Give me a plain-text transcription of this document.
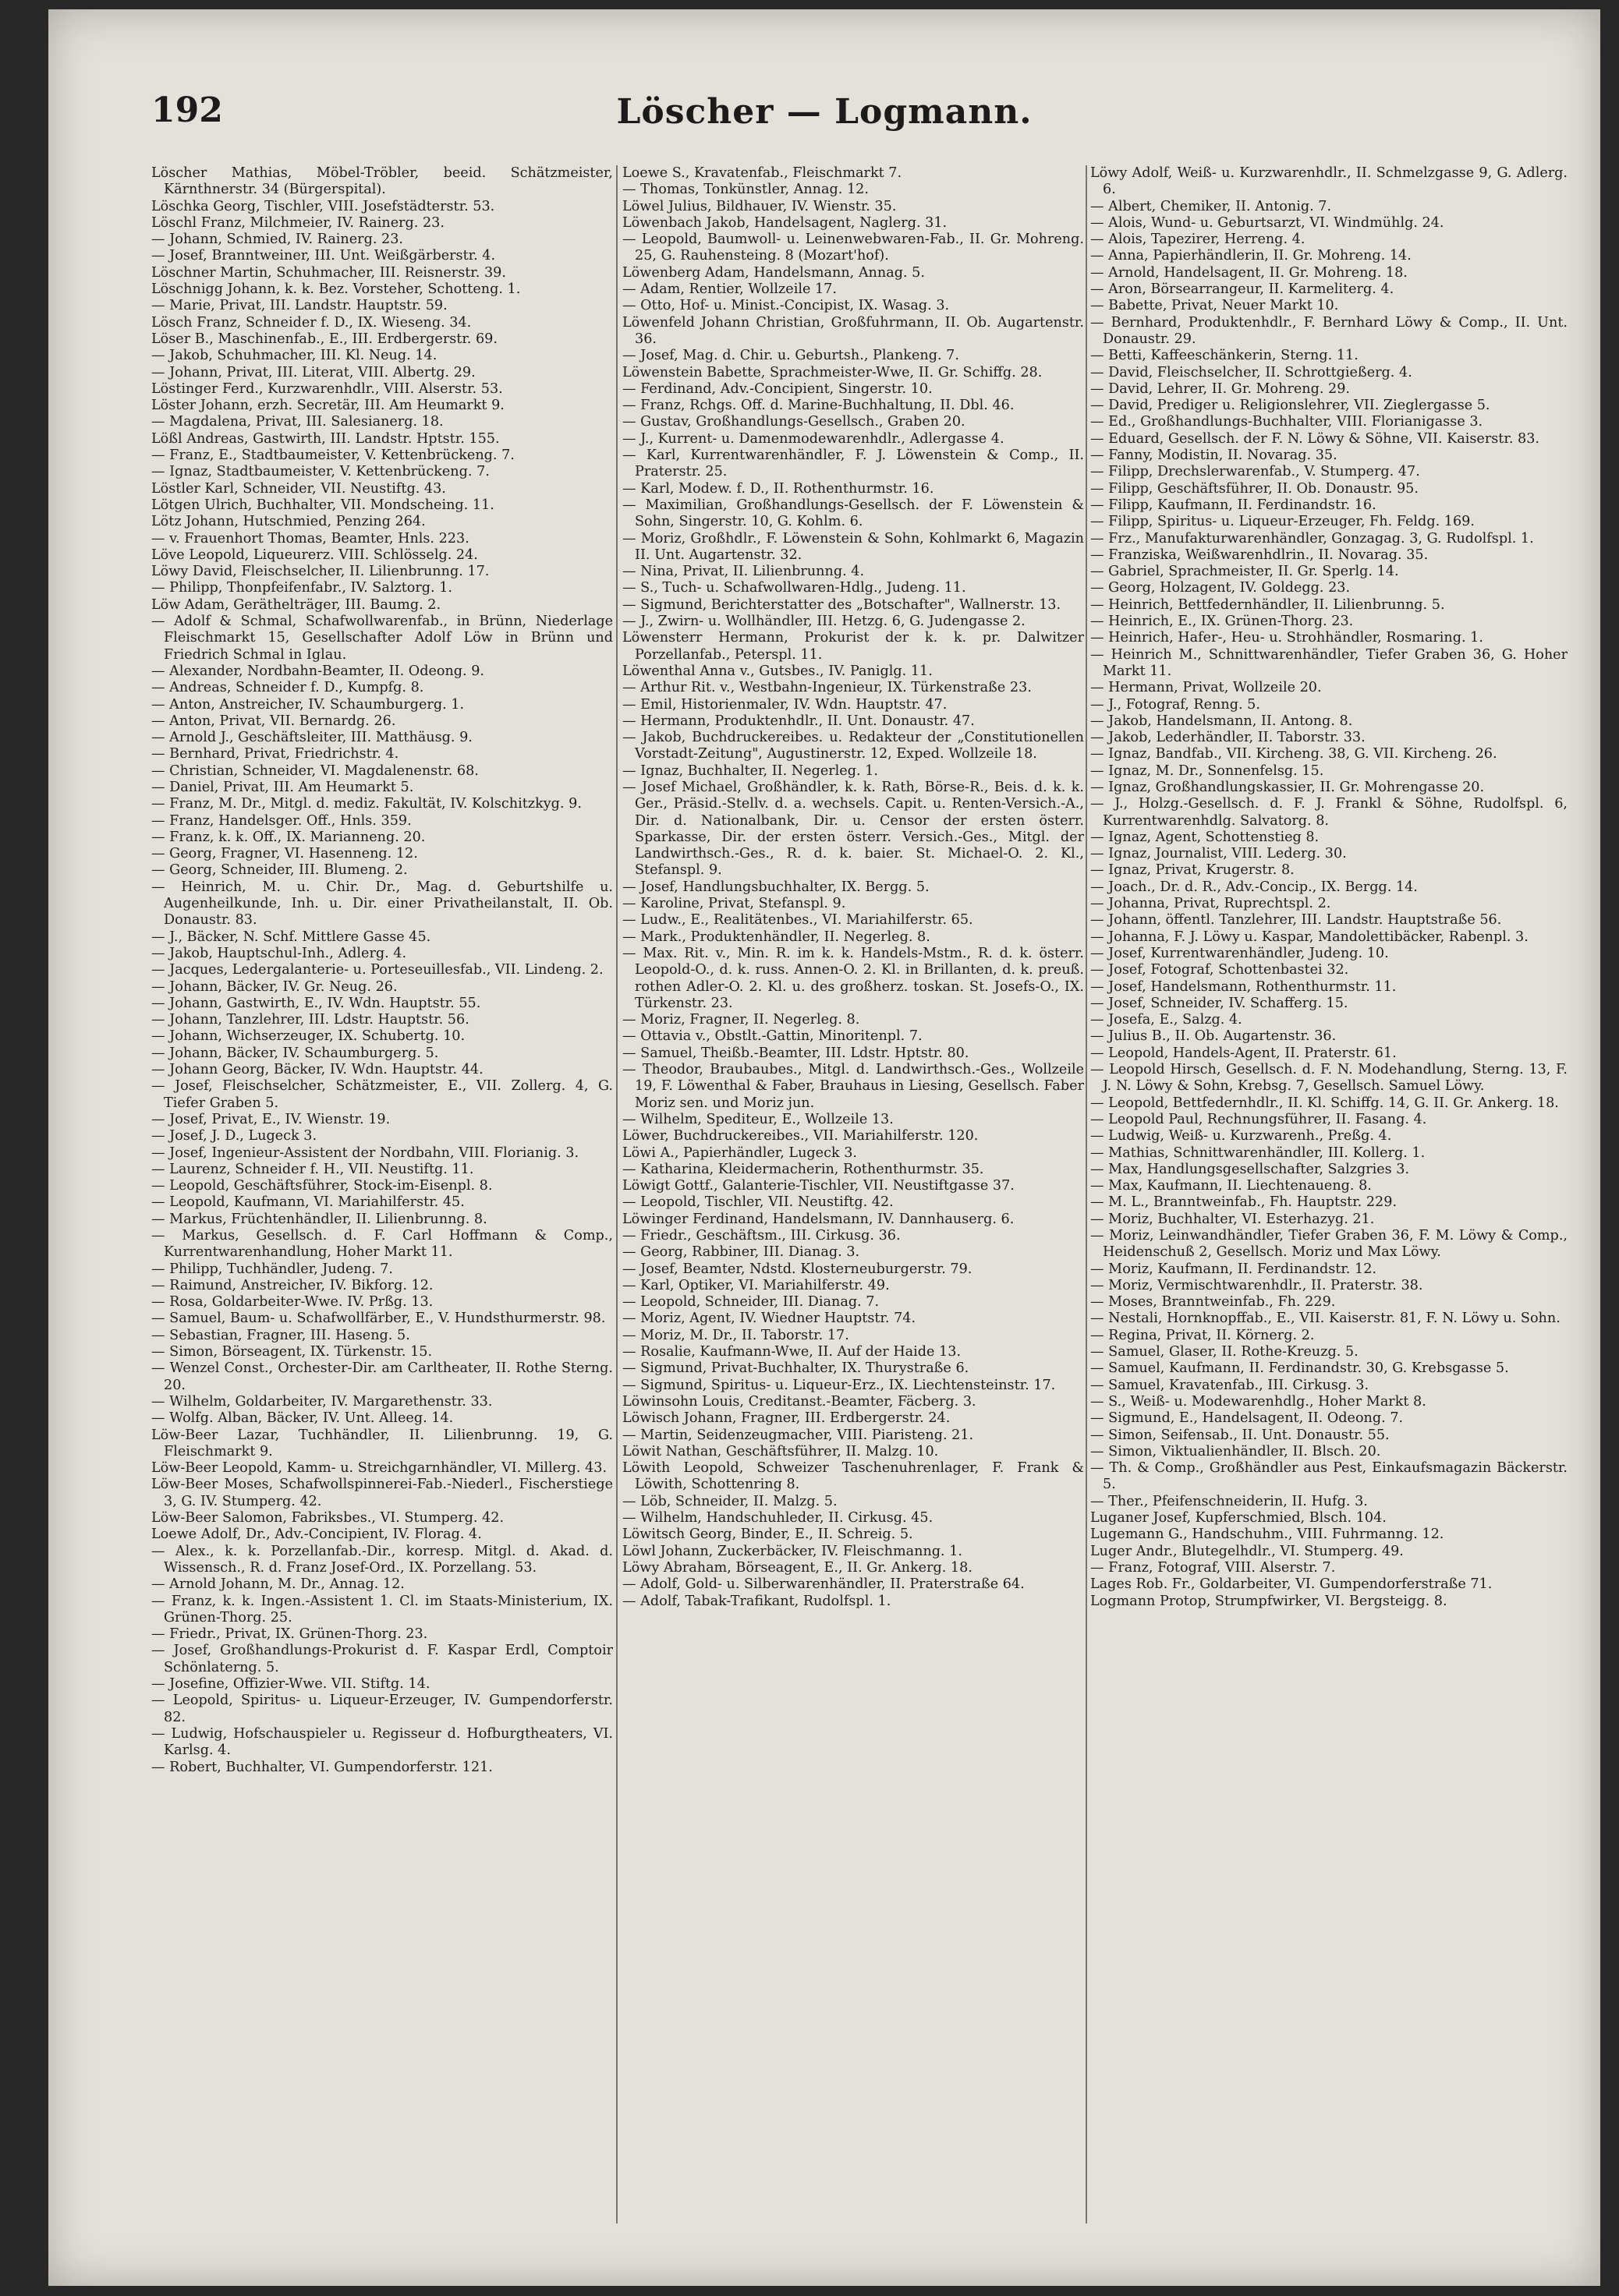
192	Löscher — Logmann.

Löscher Mathias, Möbel-Tröbler, beeid. Schätzmeister, Kärnthnerstr. 34 (Bürgerspital).

Löschka Georg, Tischler, VIII. Josefstädterstr. 53.

Löschl Franz, Milchmeier, IV. Rainerg. 23.

— Johann, Schmied, IV. Rainerg. 23.

— Josef, Branntweiner, III. Unt. Weißgärberstr. 4.

Löschner Martin, Schuhmacher, III. Reisnerstr. 39.

Löschnigg Johann, k. k. Bez. Vorsteher, Schotteng. 1.

— Marie, Privat, III. Landstr. Hauptstr. 59.

Lösch Franz, Schneider f. D., IX. Wieseng. 34.

Löser B., Maschinenfab., E., III. Erdbergerstr. 69.

— Jakob, Schuhmacher, III. Kl. Neug. 14.

— Johann, Privat, III. Literat, VIII. Albertg. 29.

Löstinger Ferd., Kurzwarenhdlr., VIII. Alserstr. 53.

Löster Johann, erzh. Secretär, III. Am Heumarkt 9.

— Magdalena, Privat, III. Salesianerg. 18.

Lößl Andreas, Gastwirth, III. Landstr. Hptstr. 155.

— Franz, E., Stadtbaumeister, V. Kettenbrückeng. 7.

— Ignaz, Stadtbaumeister, V. Kettenbrückeng. 7.

Löstler Karl, Schneider, VII. Neustiftg. 43.

Lötgen Ulrich, Buchhalter, VII. Mondscheing. 11.

Lötz Johann, Hutschmied, Penzing 264.

— v. Frauenhort Thomas, Beamter, Hnls. 223.

Löve Leopold, Liqueurerz. VIII. Schlösselg. 24.

Löwy David, Fleischselcher, II. Lilienbrunng. 17.

— Philipp, Thonpfeifenfabr., IV. Salztorg. 1.

Löw Adam, Geräthelträger, III. Baumg. 2.

— Adolf & Schmal, Schafwollwarenfab., in Brünn, Niederlage Fleischmarkt 15, Gesellschafter Adolf Löw in Brünn und Friedrich Schmal in Iglau.

— Alexander, Nordbahn-Beamter, II. Odeong. 9.

— Andreas, Schneider f. D., Kumpfg. 8.

— Anton, Anstreicher, IV. Schaumburgerg. 1.

— Anton, Privat, VII. Bernardg. 26.

— Arnold J., Geschäftsleiter, III. Matthäusg. 9.

— Bernhard, Privat, Friedrichstr. 4.

— Christian, Schneider, VI. Magdalenenstr. 68.

— Daniel, Privat, III. Am Heumarkt 5.

— Franz, M. Dr., Mitgl. d. mediz. Fakultät, IV. Kolschitzkyg. 9.

— Franz, Handelsger. Off., Hnls. 359.

— Franz, k. k. Off., IX. Marianneng. 20.

— Georg, Fragner, VI. Hasenneng. 12.

— Georg, Schneider, III. Blumeng. 2.

— Heinrich, M. u. Chir. Dr., Mag. d. Geburtshilfe u. Augenheilkunde, Inh. u. Dir. einer Privatheilanstalt, II. Ob. Donaustr. 83.

— J., Bäcker, N. Schf. Mittlere Gasse 45.

— Jakob, Hauptschul-Inh., Adlerg. 4.

— Jacques, Ledergalanterie- u. Porteseuillesfab., VII. Lindeng. 2.

— Johann, Bäcker, IV. Gr. Neug. 26.

— Johann, Gastwirth, E., IV. Wdn. Hauptstr. 55.

— Johann, Tanzlehrer, III. Ldstr. Hauptstr. 56.

— Johann, Wichserzeuger, IX. Schubertg. 10.

— Johann, Bäcker, IV. Schaumburgerg. 5.

— Johann Georg, Bäcker, IV. Wdn. Hauptstr. 44.

— Josef, Fleischselcher, Schätzmeister, E., VII. Zollerg. 4, G. Tiefer Graben 5.

— Josef, Privat, E., IV. Wienstr. 19.

— Josef, J. D., Lugeck 3.

— Josef, Ingenieur-Assistent der Nordbahn, VIII. Florianig. 3.

— Laurenz, Schneider f. H., VII. Neustiftg. 11.

— Leopold, Geschäftsführer, Stock-im-Eisenpl. 8.

— Leopold, Kaufmann, VI. Mariahilferstr. 45.

— Markus, Früchtenhändler, II. Lilienbrunng. 8.

— Markus, Gesellsch. d. F. Carl Hoffmann & Comp., Kurrentwarenhandlung, Hoher Markt 11.

— Philipp, Tuchhändler, Judeng. 7.

— Raimund, Anstreicher, IV. Bikforg. 12.

— Rosa, Goldarbeiter-Wwe. IV. Prßg. 13.

— Samuel, Baum- u. Schafwollfärber, E., V. Hundsthurmerstr. 98.

— Sebastian, Fragner, III. Haseng. 5.

— Simon, Börseagent, IX. Türkenstr. 15.

— Wenzel Const., Orchester-Dir. am Carltheater, II. Rothe Sterng. 20.

— Wilhelm, Goldarbeiter, IV. Margarethenstr. 33.

— Wolfg. Alban, Bäcker, IV. Unt. Alleeg. 14.

Löw-Beer Lazar, Tuchhändler, II. Lilienbrunng. 19, G. Fleischmarkt 9.

Löw-Beer Leopold, Kamm- u. Streichgarnhändler, VI. Millerg. 43.

Löw-Beer Moses, Schafwollspinnerei-Fab.-Niederl., Fischerstiege 3, G. IV. Stumperg. 42.

Löw-Beer Salomon, Fabriksbes., VI. Stumperg. 42.

Loewe Adolf, Dr., Adv.-Concipient, IV. Florag. 4.

— Alex., k. k. Porzellanfab.-Dir., korresp. Mitgl. d. Akad. d. Wissensch., R. d. Franz Josef-Ord., IX. Porzellang. 53.

— Arnold Johann, M. Dr., Annag. 12.

— Franz, k. k. Ingen.-Assistent 1. Cl. im Staats-Ministerium, IX. Grünen-Thorg. 25.

— Friedr., Privat, IX. Grünen-Thorg. 23.

— Josef, Großhandlungs-Prokurist d. F. Kaspar Erdl, Comptoir Schönlaterng. 5.

— Josefine, Offizier-Wwe. VII. Stiftg. 14.

— Leopold, Spiritus- u. Liqueur-Erzeuger, IV. Gumpendorferstr. 82.

— Ludwig, Hofschauspieler u. Regisseur d. Hofburgtheaters, VI. Karlsg. 4.

— Robert, Buchhalter, VI. Gumpendorferstr. 121.

Loewe S., Kravatenfab., Fleischmarkt 7.

— Thomas, Tonkünstler, Annag. 12.

Löwel Julius, Bildhauer, IV. Wienstr. 35.

Löwenbach Jakob, Handelsagent, Naglerg. 31.

— Leopold, Baumwoll- u. Leinenwebwaren-Fab., II. Gr. Mohreng. 25, G. Rauhensteing. 8 (Mozart'hof).

Löwenberg Adam, Handelsmann, Annag. 5.

— Adam, Rentier, Wollzeile 17.

— Otto, Hof- u. Minist.-Concipist, IX. Wasag. 3.

Löwenfeld Johann Christian, Großfuhrmann, II. Ob. Augartenstr. 36.

— Josef, Mag. d. Chir. u. Geburtsh., Plankeng. 7.

Löwenstein Babette, Sprachmeister-Wwe, II. Gr. Schiffg. 28.

— Ferdinand, Adv.-Concipient, Singerstr. 10.

— Franz, Rchgs. Off. d. Marine-Buchhaltung, II. Dbl. 46.

— Gustav, Großhandlungs-Gesellsch., Graben 20.

— J., Kurrent- u. Damenmodewarenhdlr., Adlergasse 4.

— Karl, Kurrentwarenhändler, F. J. Löwenstein & Comp., II. Praterstr. 25.

— Karl, Modew. f. D., II. Rothenthurmstr. 16.

— Maximilian, Großhandlungs-Gesellsch. der F. Löwenstein & Sohn, Singerstr. 10, G. Kohlm. 6.

— Moriz, Großhdlr., F. Löwenstein & Sohn, Kohlmarkt 6, Magazin II. Unt. Augartenstr. 32.

— Nina, Privat, II. Lilienbrunng. 4.

— S., Tuch- u. Schafwollwaren-Hdlg., Judeng. 11.

— Sigmund, Berichterstatter des „Botschafter", Wallnerstr. 13.

— J., Zwirn- u. Wollhändler, III. Hetzg. 6, G. Judengasse 2.

Löwensterr Hermann, Prokurist der k. k. pr. Dalwitzer Porzellanfab., Peterspl. 11.

Löwenthal Anna v., Gutsbes., IV. Paniglg. 11.

— Arthur Rit. v., Westbahn-Ingenieur, IX. Türkenstraße 23.

— Emil, Historienmaler, IV. Wdn. Hauptstr. 47.

— Hermann, Produktenhdlr., II. Unt. Donaustr. 47.

— Jakob, Buchdruckereibes. u. Redakteur der „Constitutionellen Vorstadt-Zeitung", Augustinerstr. 12, Exped. Wollzeile 18.

— Ignaz, Buchhalter, II. Negerleg. 1.

— Josef Michael, Großhändler, k. k. Rath, Börse-R., Beis. d. k. k. Ger., Präsid.-Stellv. d. a. wechsels. Capit. u. Renten-Versich.-A., Dir. d. Nationalbank, Dir. u. Censor der ersten österr. Sparkasse, Dir. der ersten österr. Versich.-Ges., Mitgl. der Landwirthsch.-Ges., R. d. k. baier. St. Michael-O. 2. Kl., Stefanspl. 9.

— Josef, Handlungsbuchhalter, IX. Bergg. 5.

— Karoline, Privat, Stefanspl. 9.

— Ludw., E., Realitätenbes., VI. Mariahilferstr. 65.

— Mark., Produktenhändler, II. Negerleg. 8.

— Max. Rit. v., Min. R. im k. k. Handels-Mstm., R. d. k. österr. Leopold-O., d. k. russ. Annen-O. 2. Kl. in Brillanten, d. k. preuß. rothen Adler-O. 2. Kl. u. des großherz. toskan. St. Josefs-O., IX. Türkenstr. 23.

— Moriz, Fragner, II. Negerleg. 8.

— Ottavia v., Obstlt.-Gattin, Minoritenpl. 7.

— Samuel, Theißb.-Beamter, III. Ldstr. Hptstr. 80.

— Theodor, Braubaubes., Mitgl. d. Landwirthsch.-Ges., Wollzeile 19, F. Löwenthal & Faber, Brauhaus in Liesing, Gesellsch. Faber Moriz sen. und Moriz jun.

— Wilhelm, Spediteur, E., Wollzeile 13.

Löwer, Buchdruckereibes., VII. Mariahilferstr. 120.

Löwi A., Papierhändler, Lugeck 3.

— Katharina, Kleidermacherin, Rothenthurmstr. 35.

Löwigt Gottf., Galanterie-Tischler, VII. Neustiftgasse 37.

— Leopold, Tischler, VII. Neustiftg. 42.

Löwinger Ferdinand, Handelsmann, IV. Dannhauserg. 6.

— Friedr., Geschäftsm., III. Cirkusg. 36.

— Georg, Rabbiner, III. Dianag. 3.

— Josef, Beamter, Ndstd. Klosterneuburgerstr. 79.

— Karl, Optiker, VI. Mariahilferstr. 49.

— Leopold, Schneider, III. Dianag. 7.

— Moriz, Agent, IV. Wiedner Hauptstr. 74.

— Moriz, M. Dr., II. Taborstr. 17.

— Rosalie, Kaufmann-Wwe, II. Auf der Haide 13.

— Sigmund, Privat-Buchhalter, IX. Thurystraße 6.

— Sigmund, Spiritus- u. Liqueur-Erz., IX. Liechtensteinstr. 17.

Löwinsohn Louis, Creditanst.-Beamter, Fäcberg. 3.

Löwisch Johann, Fragner, III. Erdbergerstr. 24.

— Martin, Seidenzeugmacher, VIII. Piaristeng. 21.

Löwit Nathan, Geschäftsführer, II. Malzg. 10.

Löwith Leopold, Schweizer Taschenuhrenlager, F. Frank & Löwith, Schottenring 8.

— Löb, Schneider, II. Malzg. 5.

— Wilhelm, Handschuhleder, II. Cirkusg. 45.

Löwitsch Georg, Binder, E., II. Schreig. 5.

Löwl Johann, Zuckerbäcker, IV. Fleischmanng. 1.

Löwy Abraham, Börseagent, E., II. Gr. Ankerg. 18.

— Adolf, Gold- u. Silberwarenhändler, II. Praterstraße 64.

— Adolf, Tabak-Trafikant, Rudolfspl. 1.

Löwy Adolf, Weiß- u. Kurzwarenhdlr., II. Schmelzgasse 9, G. Adlerg. 6.

— Albert, Chemiker, II. Antonig. 7.

— Alois, Wund- u. Geburtsarzt, VI. Windmühlg. 24.

— Alois, Tapezirer, Herreng. 4.

— Anna, Papierhändlerin, II. Gr. Mohreng. 14.

— Arnold, Handelsagent, II. Gr. Mohreng. 18.

— Aron, Börsearrangeur, II. Karmeliterg. 4.

— Babette, Privat, Neuer Markt 10.

— Bernhard, Produktenhdlr., F. Bernhard Löwy & Comp., II. Unt. Donaustr. 29.

— Betti, Kaffeeschänkerin, Sterng. 11.

— David, Fleischselcher, II. Schrottgießerg. 4.

— David, Lehrer, II. Gr. Mohreng. 29.

— David, Prediger u. Religionslehrer, VII. Zieglergasse 5.

— Ed., Großhandlungs-Buchhalter, VIII. Florianigasse 3.

— Eduard, Gesellsch. der F. N. Löwy & Söhne, VII. Kaiserstr. 83.

— Fanny, Modistin, II. Novarag. 35.

— Filipp, Drechslerwarenfab., V. Stumperg. 47.

— Filipp, Geschäftsführer, II. Ob. Donaustr. 95.

— Filipp, Kaufmann, II. Ferdinandstr. 16.

— Filipp, Spiritus- u. Liqueur-Erzeuger, Fh. Feldg. 169.

— Frz., Manufakturwarenhändler, Gonzagag. 3, G. Rudolfspl. 1.

— Franziska, Weißwarenhdlrin., II. Novarag. 35.

— Gabriel, Sprachmeister, II. Gr. Sperlg. 14.

— Georg, Holzagent, IV. Goldegg. 23.

— Heinrich, Bettfedernhändler, II. Lilienbrunng. 5.

— Heinrich, E., IX. Grünen-Thorg. 23.

— Heinrich, Hafer-, Heu- u. Strohhändler, Rosmaring. 1.

— Heinrich M., Schnittwarenhändler, Tiefer Graben 36, G. Hoher Markt 11.

— Hermann, Privat, Wollzeile 20.

— J., Fotograf, Renng. 5.

— Jakob, Handelsmann, II. Antong. 8.

— Jakob, Lederhändler, II. Taborstr. 33.

— Ignaz, Bandfab., VII. Kircheng. 38, G. VII. Kircheng. 26.

— Ignaz, M. Dr., Sonnenfelsg. 15.

— Ignaz, Großhandlungskassier, II. Gr. Mohrengasse 20.

— J., Holzg.-Gesellsch. d. F. J. Frankl & Söhne, Rudolfspl. 6, Kurrentwarenhdlg. Salvatorg. 8.

— Ignaz, Agent, Schottenstieg 8.

— Ignaz, Journalist, VIII. Lederg. 30.

— Ignaz, Privat, Krugerstr. 8.

— Joach., Dr. d. R., Adv.-Concip., IX. Bergg. 14.

— Johanna, Privat, Ruprechtspl. 2.

— Johann, öffentl. Tanzlehrer, III. Landstr. Hauptstraße 56.

— Johanna, F. J. Löwy u. Kaspar, Mandolettibäcker, Rabenpl. 3.

— Josef, Kurrentwarenhändler, Judeng. 10.

— Josef, Fotograf, Schottenbastei 32.

— Josef, Handelsmann, Rothenthurmstr. 11.

— Josef, Schneider, IV. Schafferg. 15.

— Josefa, E., Salzg. 4.

— Julius B., II. Ob. Augartenstr. 36.

— Leopold, Handels-Agent, II. Praterstr. 61.

— Leopold Hirsch, Gesellsch. d. F. N. Modehandlung, Sterng. 13, F. J. N. Löwy & Sohn, Krebsg. 7, Gesellsch. Samuel Löwy.

— Leopold, Bettfedernhdlr., II. Kl. Schiffg. 14, G. II. Gr. Ankerg. 18.

— Leopold Paul, Rechnungsführer, II. Fasang. 4.

— Ludwig, Weiß- u. Kurzwarenh., Preßg. 4.

— Mathias, Schnittwarenhändler, III. Kollerg. 1.

— Max, Handlungsgesellschafter, Salzgries 3.

— Max, Kaufmann, II. Liechtenaueng. 8.

— M. L., Branntweinfab., Fh. Hauptstr. 229.

— Moriz, Buchhalter, VI. Esterhazyg. 21.

— Moriz, Leinwandhändler, Tiefer Graben 36, F. M. Löwy & Comp., Heidenschuß 2, Gesellsch. Moriz und Max Löwy.

— Moriz, Kaufmann, II. Ferdinandstr. 12.

— Moriz, Vermischtwarenhdlr., II. Praterstr. 38.

— Moses, Branntweinfab., Fh. 229.

— Nestali, Hornknopffab., E., VII. Kaiserstr. 81, F. N. Löwy u. Sohn.

— Regina, Privat, II. Körnerg. 2.

— Samuel, Glaser, II. Rothe-Kreuzg. 5.

— Samuel, Kaufmann, II. Ferdinandstr. 30, G. Krebsgasse 5.

— Samuel, Kravatenfab., III. Cirkusg. 3.

— S., Weiß- u. Modewarenhdlg., Hoher Markt 8.

— Sigmund, E., Handelsagent, II. Odeong. 7.

— Simon, Seifensab., II. Unt. Donaustr. 55.

— Simon, Viktualienhändler, II. Blsch. 20.

— Th. & Comp., Großhändler aus Pest, Einkaufsmagazin Bäckerstr. 5.

— Ther., Pfeifenschneiderin, II. Hufg. 3.

Luganer Josef, Kupferschmied, Blsch. 104.

Lugemann G., Handschuhm., VIII. Fuhrmanng. 12.

Luger Andr., Blutegelhdlr., VI. Stumperg. 49.

— Franz, Fotograf, VIII. Alserstr. 7.

Lages Rob. Fr., Goldarbeiter, VI. Gumpendorferstraße 71.

Logmann Protop, Strumpfwirker, VI. Bergsteigg. 8.
